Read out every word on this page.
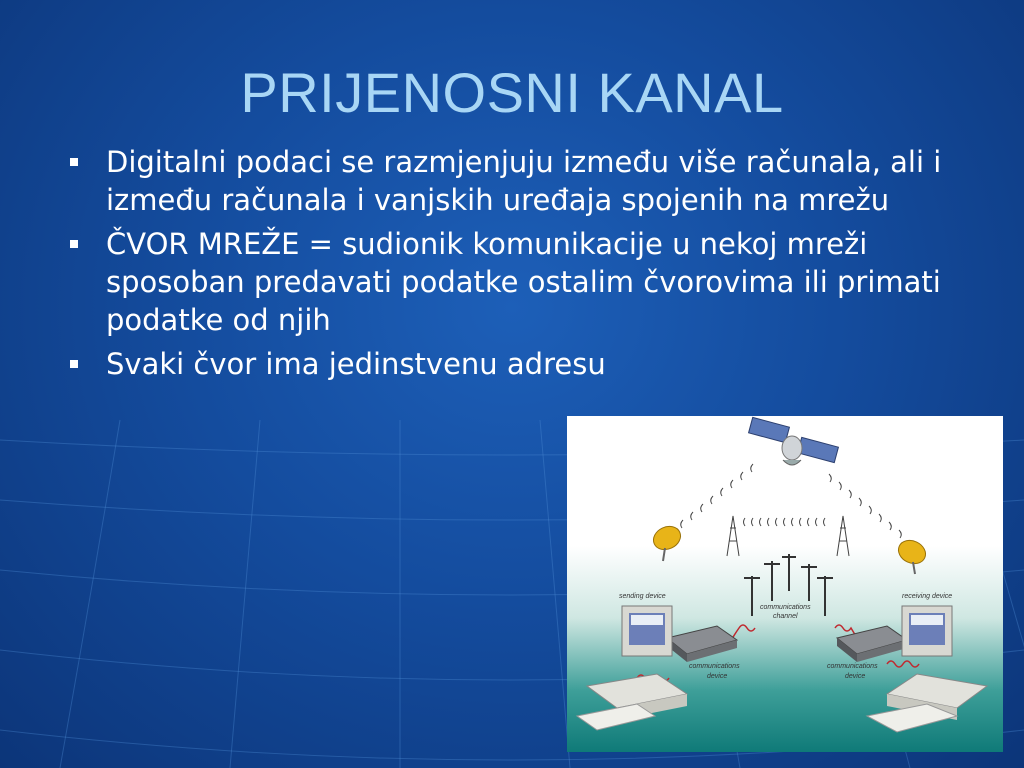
PRIJENOSNI KANAL
Digitalni podaci se razmjenjuju između više računala, ali i između računala i vanjskih uređaja spojenih na mrežu
ČVOR MREŽE = sudionik komunikacije u nekoj mreži sposoban predavati podatke ostalim čvorovima ili primati podatke od njih
Svaki čvor ima jedinstvenu adresu
sending device	receiving device
communications
channel
communications
device
communications
device
